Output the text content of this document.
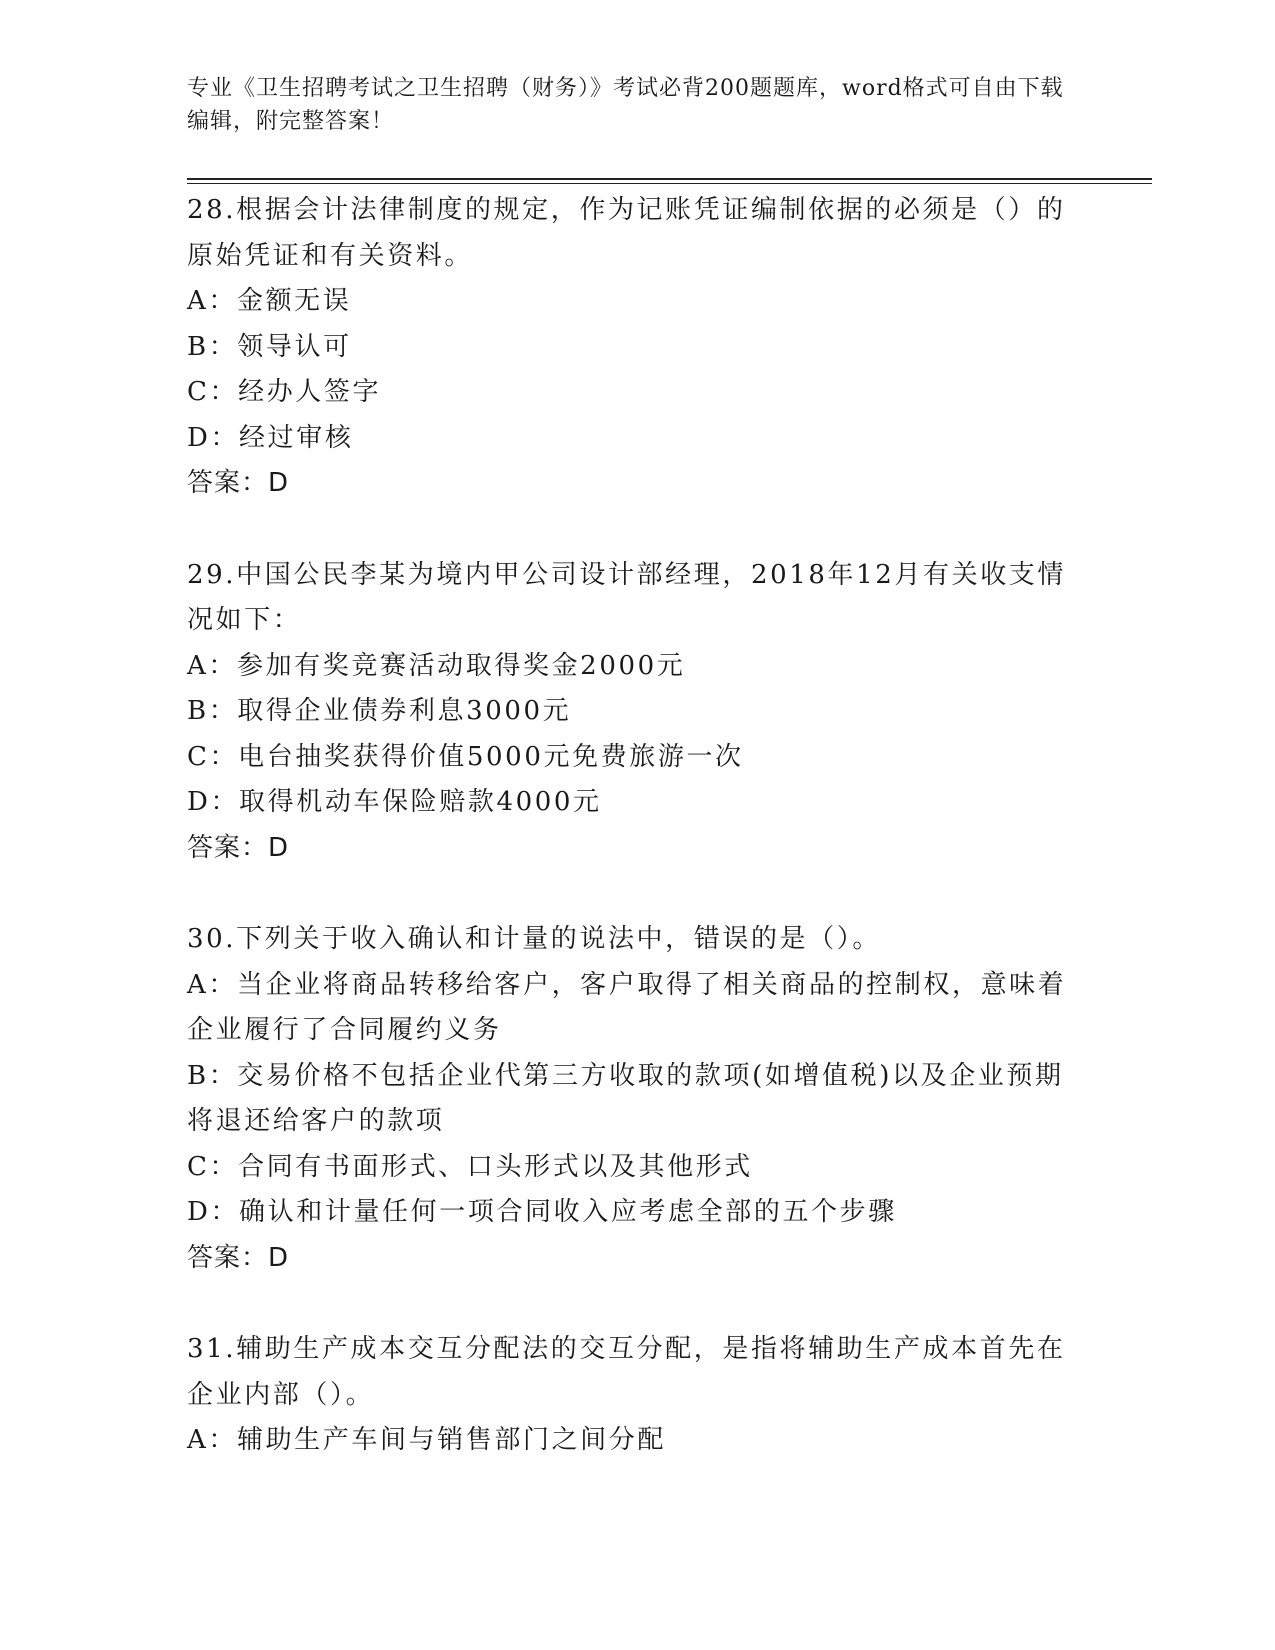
专业《卫生招聘考试之卫生招聘（财务）》考试必背200题题库，word格式可自由下载编辑，附完整答案！
28.根据会计法律制度的规定，作为记账凭证编制依据的必须是（）的原始凭证和有关资料。
A：金额无误
B：领导认可
C：经办人签字
D：经过审核
答案：D
29.中国公民李某为境内甲公司设计部经理，2018年12月有关收支情况如下：
A：参加有奖竞赛活动取得奖金2000元
B：取得企业债券利息3000元
C：电台抽奖获得价值5000元免费旅游一次
D：取得机动车保险赔款4000元
答案：D
30.下列关于收入确认和计量的说法中，错误的是（）。
A：当企业将商品转移给客户，客户取得了相关商品的控制权，意味着企业履行了合同履约义务
B：交易价格不包括企业代第三方收取的款项(如增值税)以及企业预期将退还给客户的款项
C：合同有书面形式、口头形式以及其他形式
D：确认和计量任何一项合同收入应考虑全部的五个步骤
答案：D
31.辅助生产成本交互分配法的交互分配，是指将辅助生产成本首先在企业内部（）。
A：辅助生产车间与销售部门之间分配
